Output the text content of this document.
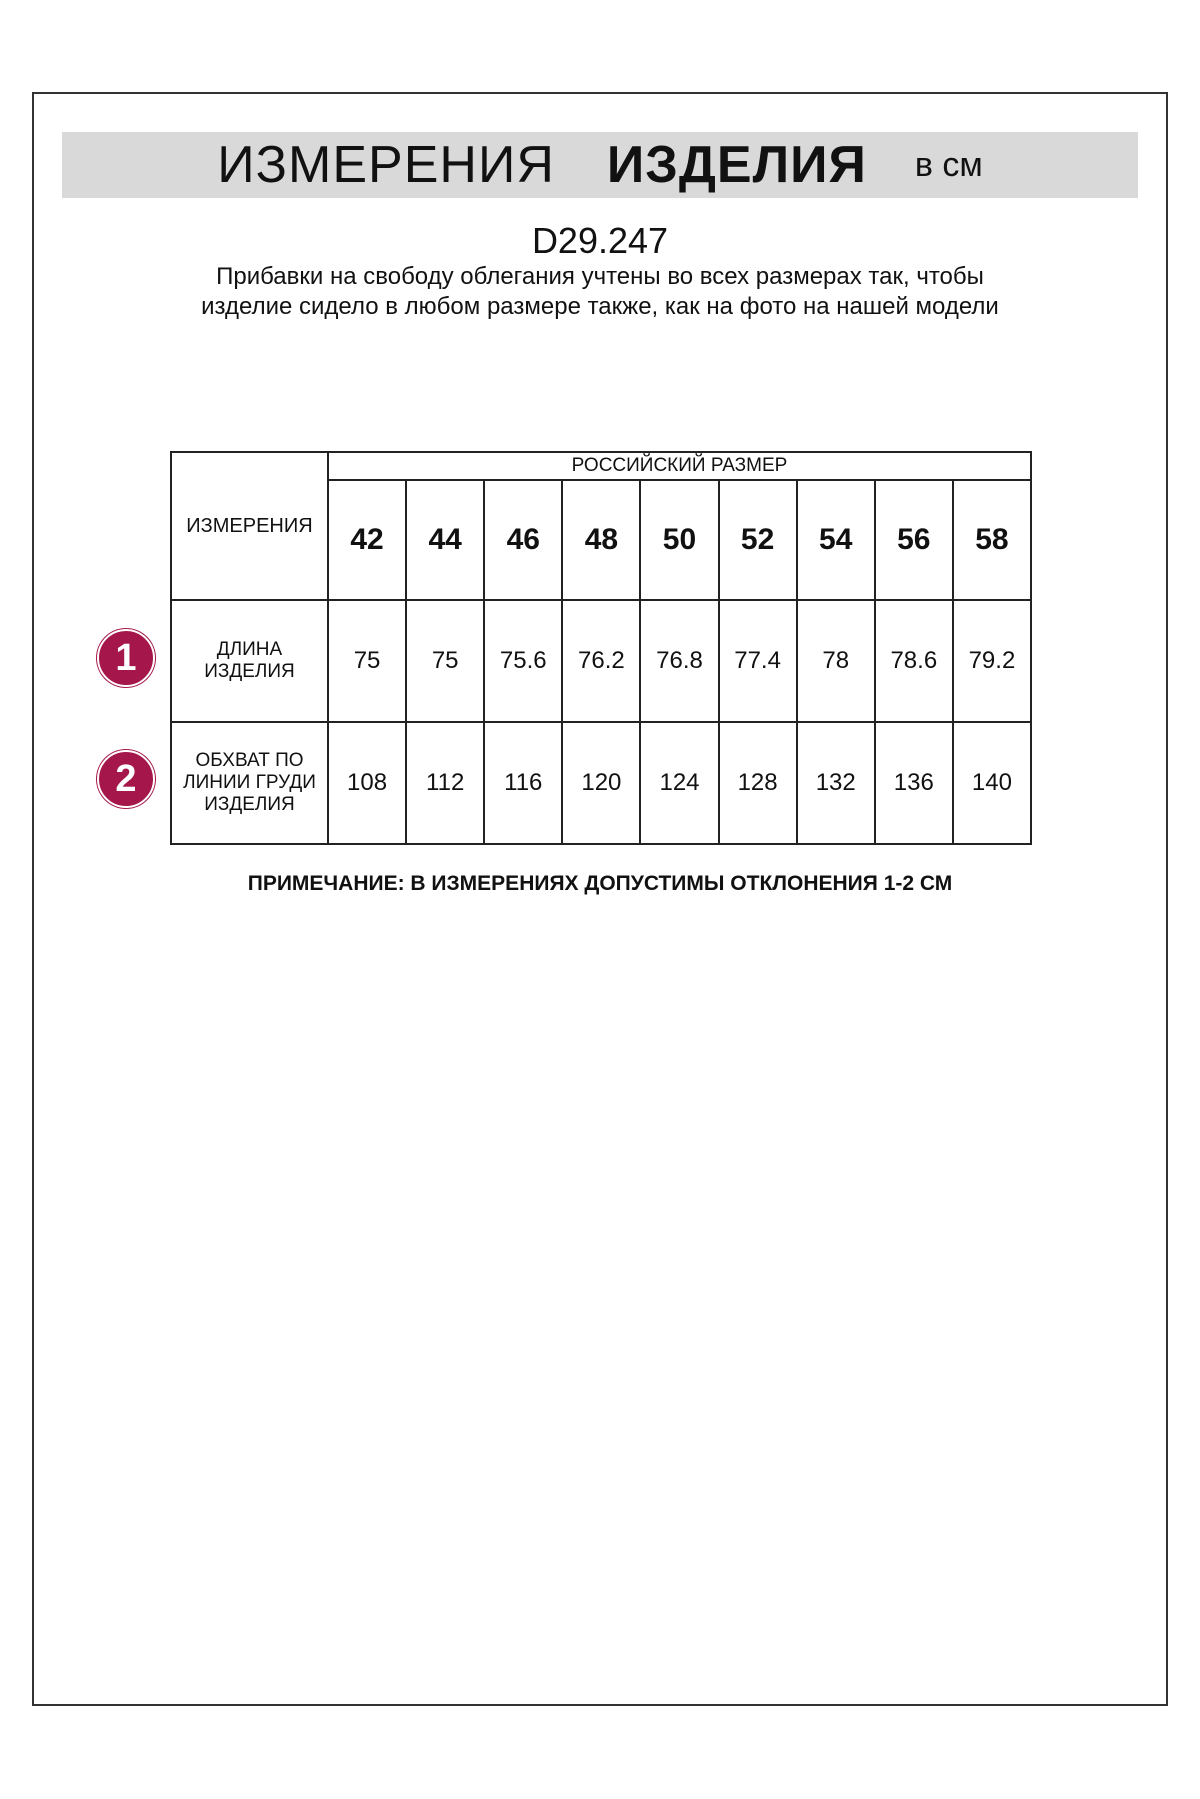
ИЗМЕРЕНИЯ ИЗДЕЛИЯ в см
D29.247
Прибавки на свободу облегания учтены во всех размерах так, чтобы изделие сидело в любом размере также, как на фото на нашей модели
ИЗМЕРЕНИЯ	РОССИЙСКИЙ РАЗМЕР								
	42	44	46	48	50	52	54	56	58
ДЛИНА
ИЗДЕЛИЯ	75	75	75.6	76.2	76.8	77.4	78	78.6	79.2
ОБХВАТ ПО
ЛИНИИ ГРУДИ
ИЗДЕЛИЯ	108	112	116	120	124	128	132	136	140
1
2
ПРИМЕЧАНИЕ: В ИЗМЕРЕНИЯХ ДОПУСТИМЫ ОТКЛОНЕНИЯ 1-2 СМ
